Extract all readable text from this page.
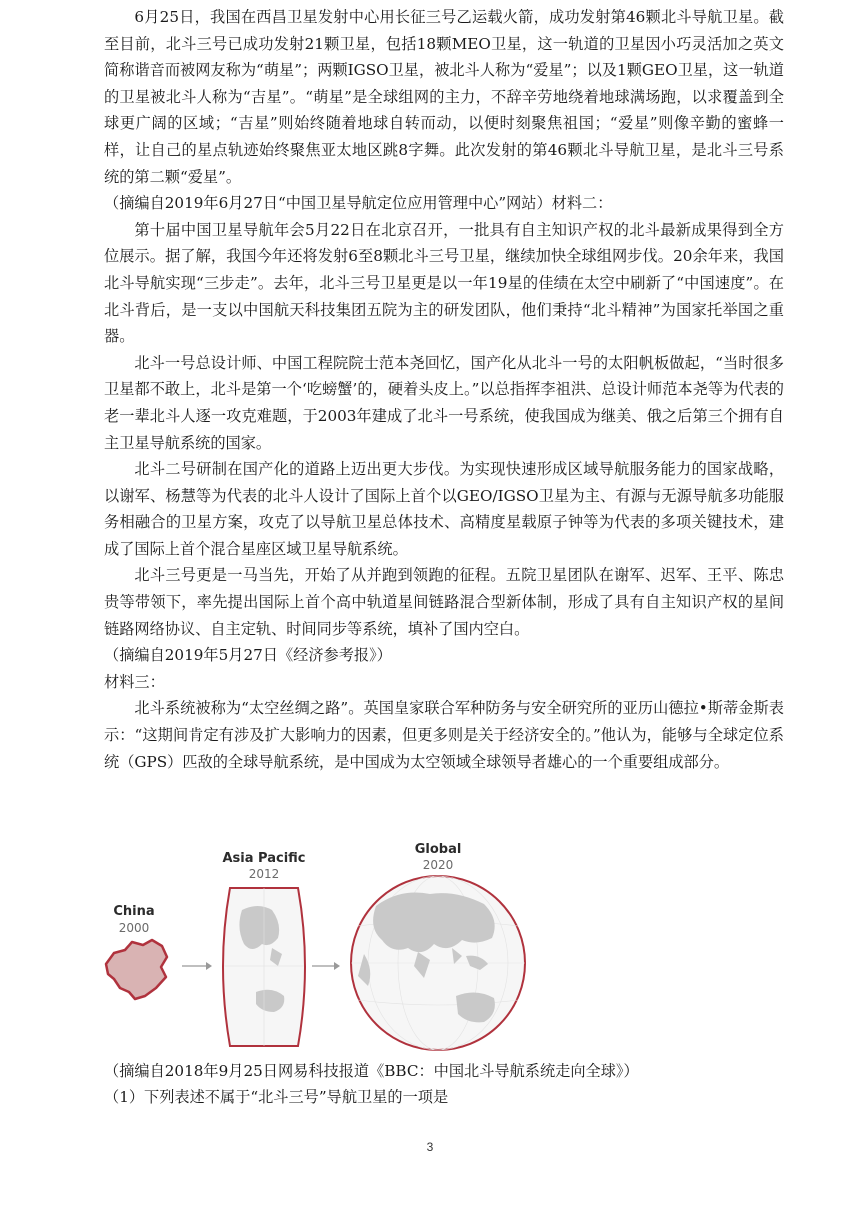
6月25日，我国在西昌卫星发射中心用长征三号乙运载火箭，成功发射第46颗北斗导航卫星。截至目前，北斗三号已成功发射21颗卫星，包括18颗MEO卫星，这一轨道的卫星因小巧灵活加之英文简称谐音而被网友称为“萌星”；两颗IGSO卫星，被北斗人称为“爱星”；以及1颗GEO卫星，这一轨道的卫星被北斗人称为“吉星”。“萌星”是全球组网的主力，不辞辛劳地绕着地球满场跑，以求覆盖到全球更广阔的区域；“吉星”则始终随着地球自转而动，以便时刻聚焦祖国；“爱星”则像辛勤的蜜蜂一样，让自己的星点轨迹始终聚焦亚太地区跳8字舞。此次发射的第46颗北斗导航卫星，是北斗三号系统的第二颗“爱星”。

（摘编自2019年6月27日“中国卫星导航定位应用管理中心”网站）材料二：

第十届中国卫星导航年会5月22日在北京召开，一批具有自主知识产权的北斗最新成果得到全方位展示。据了解，我国今年还将发射6至8颗北斗三号卫星，继续加快全球组网步伐。20余年来，我国北斗导航实现“三步走”。去年，北斗三号卫星更是以一年19星的佳绩在太空中刷新了“中国速度”。在北斗背后，是一支以中国航天科技集团五院为主的研发团队，他们秉持“北斗精神”为国家托举国之重器。

北斗一号总设计师、中国工程院院士范本尧回忆，国产化从北斗一号的太阳帆板做起，“当时很多卫星都不敢上，北斗是第一个‘吃螃蟹’的，硬着头皮上。”以总指挥李祖洪、总设计师范本尧等为代表的老一辈北斗人逐一攻克难题，于2003年建成了北斗一号系统，使我国成为继美、俄之后第三个拥有自主卫星导航系统的国家。

北斗二号研制在国产化的道路上迈出更大步伐。为实现快速形成区域导航服务能力的国家战略，以谢军、杨慧等为代表的北斗人设计了国际上首个以GEO/IGSO卫星为主、有源与无源导航多功能服务相融合的卫星方案，攻克了以导航卫星总体技术、高精度星载原子钟等为代表的多项关键技术，建成了国际上首个混合星座区域卫星导航系统。

北斗三号更是一马当先，开始了从并跑到领跑的征程。五院卫星团队在谢军、迟军、王平、陈忠贵等带领下，率先提出国际上首个高中轨道星间链路混合型新体制，形成了具有自主知识产权的星间链路网络协议、自主定轨、时间同步等系统，填补了国内空白。

（摘编自2019年5月27日《经济参考报》）

材料三：

北斗系统被称为“太空丝绸之路”。英国皇家联合军种防务与安全研究所的亚历山德拉•斯蒂金斯表示：“这期间肯定有涉及扩大影响力的因素，但更多则是关于经济安全的。”他认为，能够与全球定位系统（GPS）匹敌的全球导航系统，是中国成为太空领域全球领导者雄心的一个重要组成部分。

China
2000
Asia Pacific
2012
Global
2020
（摘编自2018年9月25日网易科技报道《BBC：中国北斗导航系统走向全球》）
（1）下列表述不属于“北斗三号”导航卫星的一项是
3
